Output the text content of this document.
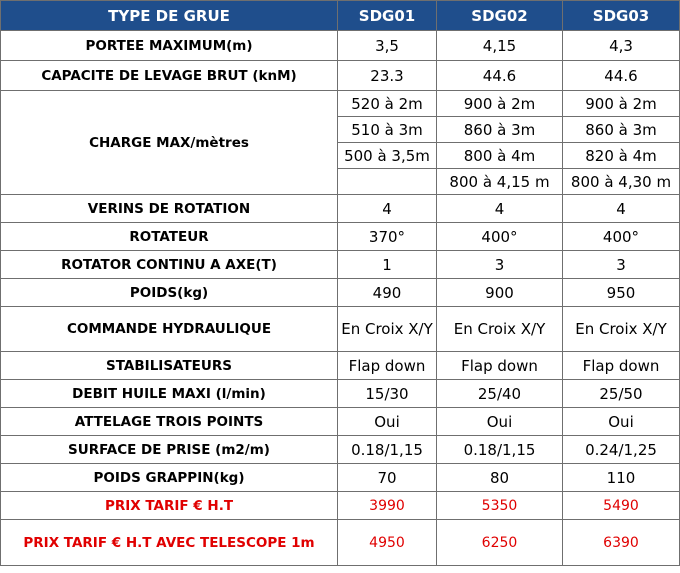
TYPE DE GRUE	SDG01	SDG02	SDG03
PORTEE MAXIMUM(m)	3,5	4,15	4,3
CAPACITE DE LEVAGE BRUT (knM)	23.3	44.6	44.6
CHARGE MAX/mètres	520 à 2m	900 à 2m	900 à 2m
	510 à 3m	860 à 3m	860 à 3m
	500 à 3,5m	800 à 4m	820 à 4m
		800 à 4,15 m	800 à 4,30 m
VERINS DE ROTATION	4	4	4
ROTATEUR	370°	400°	400°
ROTATOR CONTINU A AXE(T)	1	3	3
POIDS(kg)	490	900	950
COMMANDE HYDRAULIQUE	En Croix X/Y	En Croix X/Y	En Croix X/Y
STABILISATEURS	Flap down	Flap down	Flap down
DEBIT HUILE MAXI (l/min)	15/30	25/40	25/50
ATTELAGE TROIS POINTS	Oui	Oui	Oui
SURFACE DE PRISE (m2/m)	0.18/1,15	0.18/1,15	0.24/1,25
POIDS GRAPPIN(kg)	70	80	110
PRIX TARIF € H.T	3990	5350	5490
PRIX TARIF € H.T AVEC TELESCOPE 1m	4950	6250	6390
